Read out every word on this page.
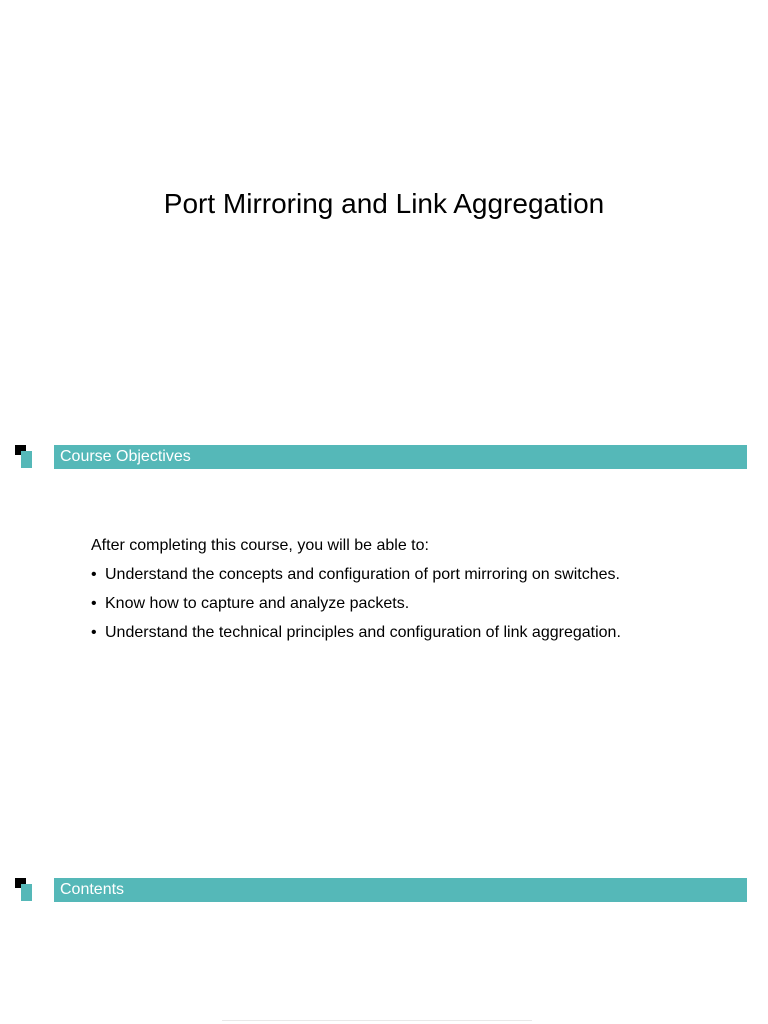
Port Mirroring and Link Aggregation
Course Objectives

After completing this course, you will be able to:

• Understand the concepts and configuration of port mirroring on switches.
• Know how to capture and analyze packets.
• Understand the technical principles and configuration of link aggregation.
Contents
